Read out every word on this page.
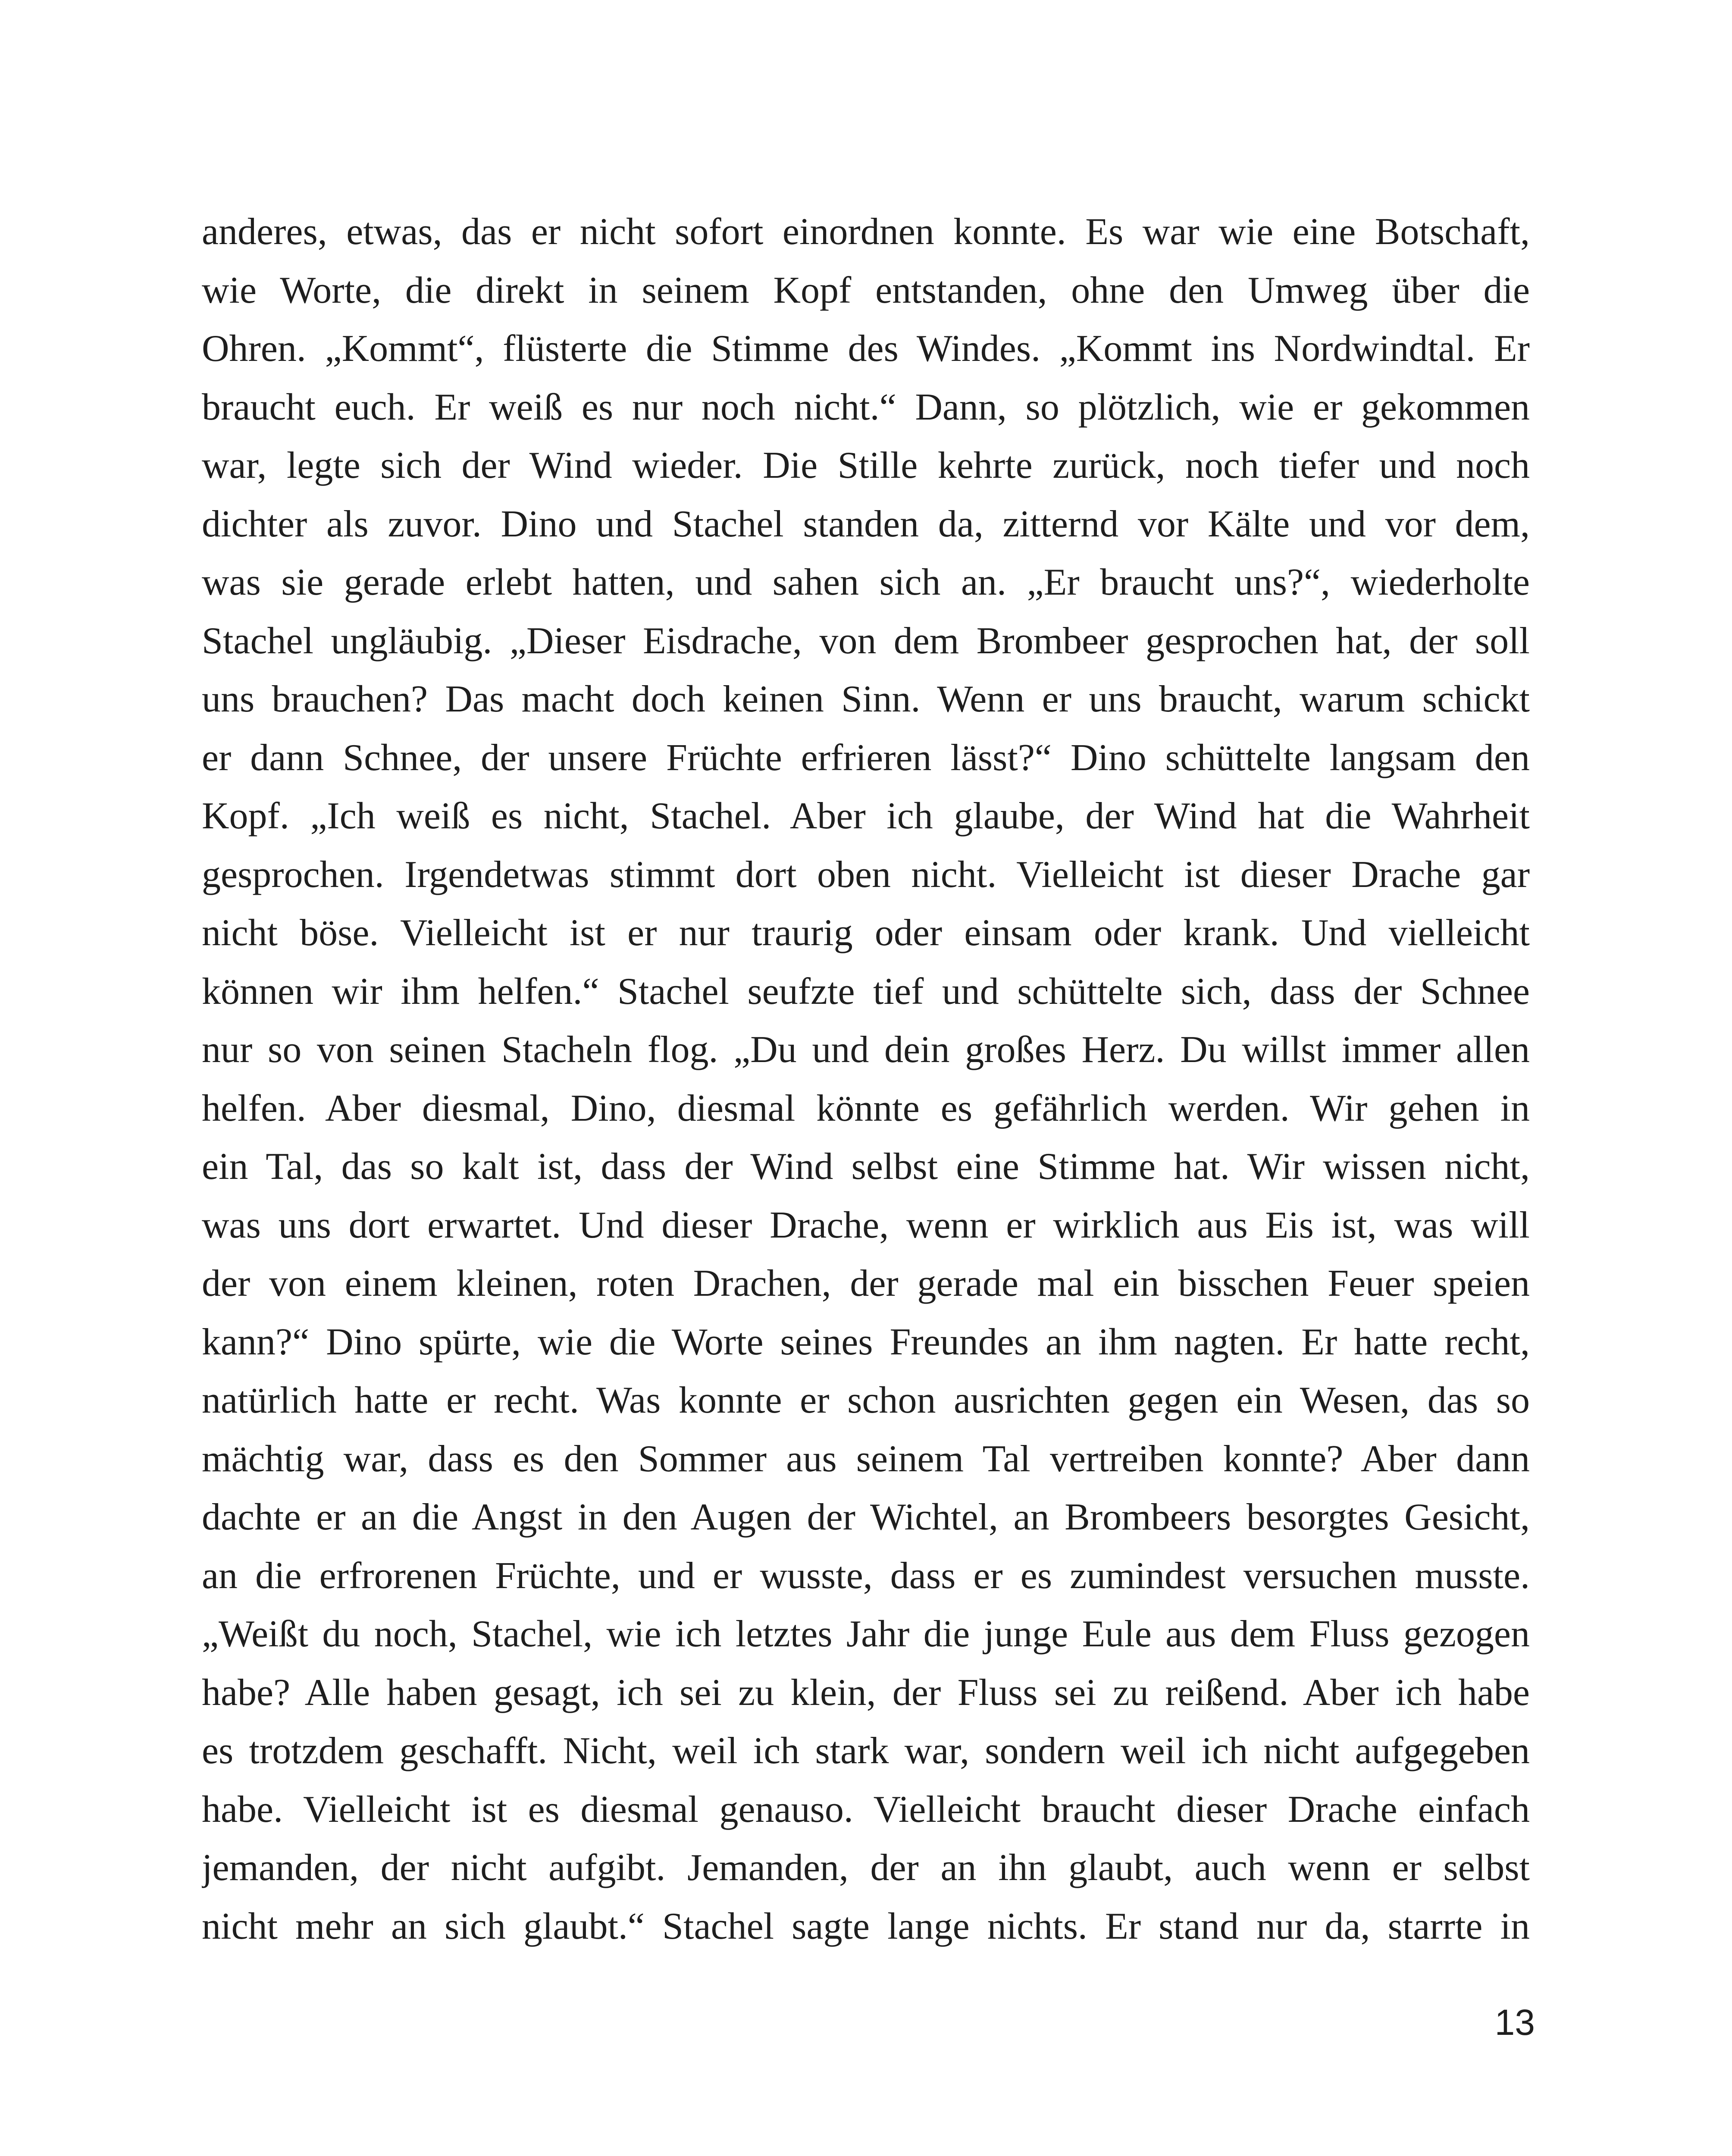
anderes, etwas, das er nicht sofort einordnen konnte. Es war wie eine Botschaft,
wie Worte, die direkt in seinem Kopf entstanden, ohne den Umweg über die
Ohren. „Kommt“, flüsterte die Stimme des Windes. „Kommt ins Nordwindtal. Er
braucht euch. Er weiß es nur noch nicht.“ Dann, so plötzlich, wie er gekommen
war, legte sich der Wind wieder. Die Stille kehrte zurück, noch tiefer und noch
dichter als zuvor. Dino und Stachel standen da, zitternd vor Kälte und vor dem,
was sie gerade erlebt hatten, und sahen sich an. „Er braucht uns?“, wiederholte
Stachel ungläubig. „Dieser Eisdrache, von dem Brombeer gesprochen hat, der soll
uns brauchen? Das macht doch keinen Sinn. Wenn er uns braucht, warum schickt
er dann Schnee, der unsere Früchte erfrieren lässt?“ Dino schüttelte langsam den
Kopf. „Ich weiß es nicht, Stachel. Aber ich glaube, der Wind hat die Wahrheit
gesprochen. Irgendetwas stimmt dort oben nicht. Vielleicht ist dieser Drache gar
nicht böse. Vielleicht ist er nur traurig oder einsam oder krank. Und vielleicht
können wir ihm helfen.“ Stachel seufzte tief und schüttelte sich, dass der Schnee
nur so von seinen Stacheln flog. „Du und dein großes Herz. Du willst immer allen
helfen. Aber diesmal, Dino, diesmal könnte es gefährlich werden. Wir gehen in
ein Tal, das so kalt ist, dass der Wind selbst eine Stimme hat. Wir wissen nicht,
was uns dort erwartet. Und dieser Drache, wenn er wirklich aus Eis ist, was will
der von einem kleinen, roten Drachen, der gerade mal ein bisschen Feuer speien
kann?“ Dino spürte, wie die Worte seines Freundes an ihm nagten. Er hatte recht,
natürlich hatte er recht. Was konnte er schon ausrichten gegen ein Wesen, das so
mächtig war, dass es den Sommer aus seinem Tal vertreiben konnte? Aber dann
dachte er an die Angst in den Augen der Wichtel, an Brombeers besorgtes Gesicht,
an die erfrorenen Früchte, und er wusste, dass er es zumindest versuchen musste.
„Weißt du noch, Stachel, wie ich letztes Jahr die junge Eule aus dem Fluss gezogen
habe? Alle haben gesagt, ich sei zu klein, der Fluss sei zu reißend. Aber ich habe
es trotzdem geschafft. Nicht, weil ich stark war, sondern weil ich nicht aufgegeben
habe. Vielleicht ist es diesmal genauso. Vielleicht braucht dieser Drache einfach
jemanden, der nicht aufgibt. Jemanden, der an ihn glaubt, auch wenn er selbst
nicht mehr an sich glaubt.“ Stachel sagte lange nichts. Er stand nur da, starrte in
13
